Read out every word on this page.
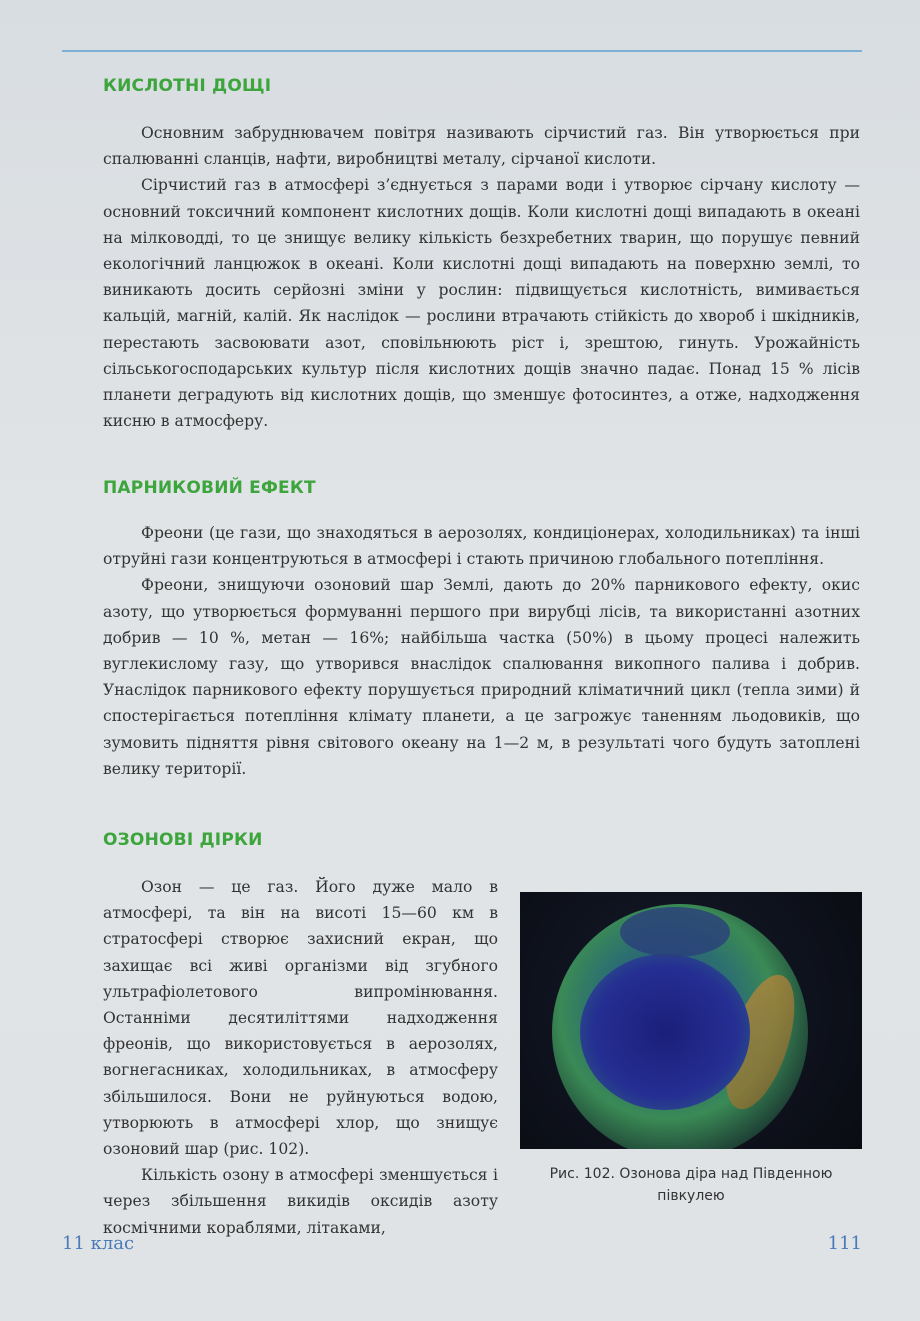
КИСЛОТНІ ДОЩІ

Основним забруднювачем повітря називають сірчистий газ. Він утворюється при спалюванні сланців, нафти, виробництві металу, сірчаної кислоти.

Сірчистий газ в атмосфері з’єднується з парами води і утворює сірчану кислоту — основний токсичний компонент кислотних дощів. Коли кислотні дощі випадають в океані на мілководді, то це знищує велику кількість безхребетних тварин, що порушує певний екологічний ланцюжок в океані. Коли кислотні дощі випадають на поверхню землі, то виникають досить серйозні зміни у рослин: підвищується кислотність, вимивається кальцій, магній, калій. Як наслідок — рослини втрачають стійкість до хвороб і шкідників, перестають засвоювати азот, сповільнюють ріст і, зрештою, гинуть. Урожайність сільськогосподарських культур після кислотних дощів значно падає. Понад 15 % лісів планети деградують від кислотних дощів, що зменшує фотосинтез, а отже, надходження кисню в атмосферу.

ПАРНИКОВИЙ ЕФЕКТ

Фреони (це гази, що знаходяться в аерозолях, кондиціонерах, холодильниках) та інші отруйні гази концентруються в атмосфері і стають причиною глобального потепління.

Фреони, знищуючи озоновий шар Землі, дають до 20% парникового ефекту, окис азоту, що утворюється формуванні першого при вирубці лісів, та використанні азотних добрив — 10 %, метан — 16%; найбільша частка (50%) в цьому процесі належить вуглекислому газу, що утворився внаслідок спалювання викопного палива і добрив. Унаслідок парникового ефекту порушується природний кліматичний цикл (тепла зими) й спостерігається потепління клімату планети, а це загрожує таненням льодовиків, що зумовить підняття рівня світового океану на 1—2 м, в результаті чого будуть затоплені велику території.

ОЗОНОВІ ДІРКИ

Озон — це газ. Його дуже мало в атмосфері, та він на висоті 15—60 км в стратосфері створює захисний екран, що захищає всі живі організми від згубного ультрафіолетового випромінювання. Останніми десятиліттями надходження фреонів, що використовується в аерозолях, вогнегасниках, холодильниках, в атмосферу збільшилося. Вони не руйнуються водою, утворюють в атмосфері хлор, що знищує озоновий шар (рис. 102).

Кількість озону в атмосфері зменшується і через збільшення викидів оксидів азоту космічними кораблями, літаками,

Рис. 102. Озонова діра над Південною півкулею
11 клас	111
